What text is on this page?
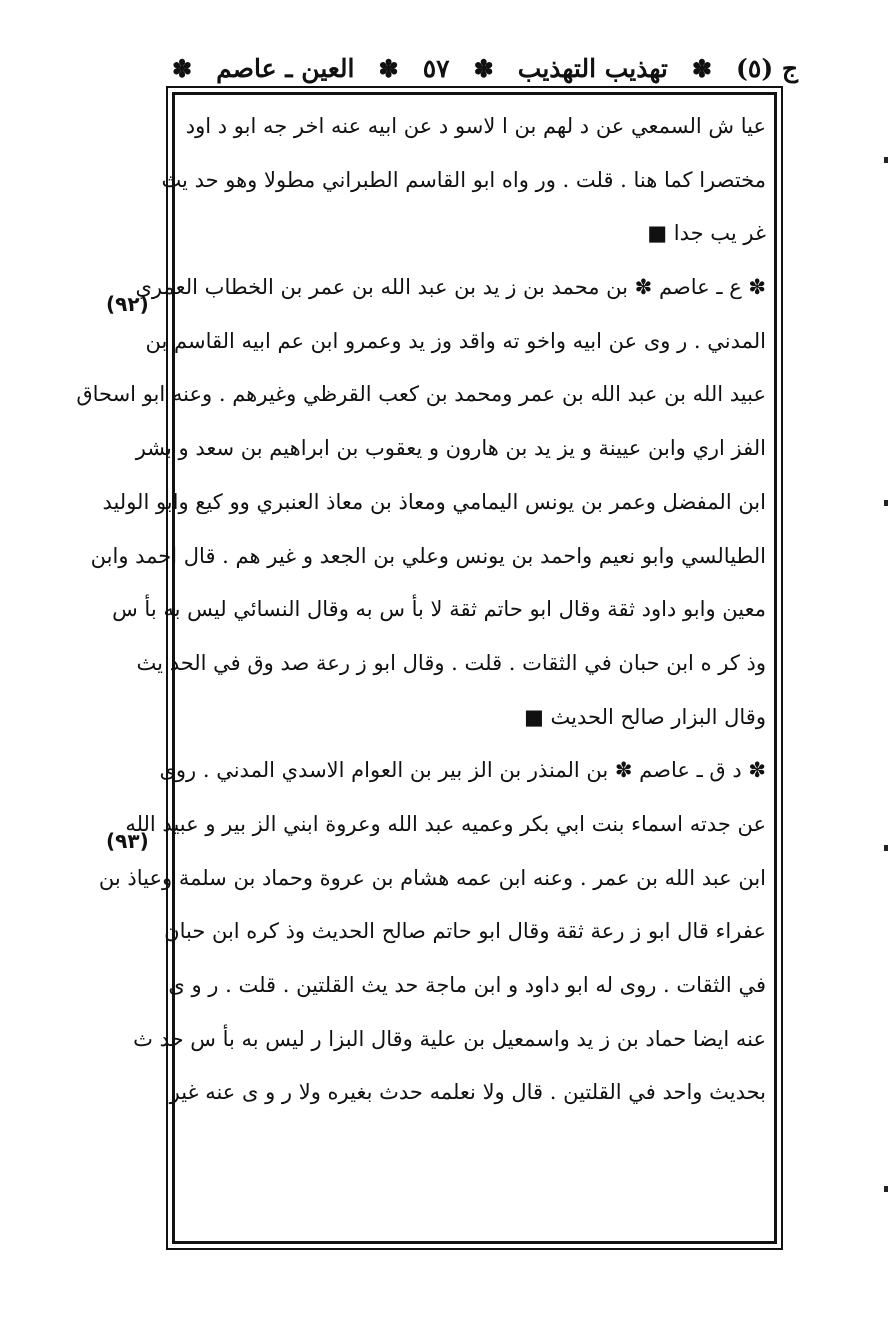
ج (٥)
✽
تهذيب التهذيب
✽
٥٧
✽
العين ـ عاصم
✽
(٩٢)
(٩٣)
عيا ش السمعي عن د لهم بن ا لاسو د عن ابيه عنه اخر جه ابو د اود
مختصرا كما هنا . قلت . ور واه ابو القاسم الطبراني مطولا وهو حد يث
غر يب جدا ■
✽ ع ـ عاصم ✽ بن محمد بن ز يد بن عبد الله بن عمر بن الخطاب العمري
المدني . ر وى عن ابيه واخو ته واقد وز يد وعمرو ابن عم ابيه القاسم بن
عبيد الله بن عبد الله بن عمر ومحمد بن كعب القرظي وغيرهم . وعنه ابو اسحاق
الفز اري وابن عيينة و يز يد بن هارون و يعقوب بن ابراهيم بن سعد و بشر
ابن المفضل وعمر بن يونس اليمامي ومعاذ بن معاذ العنبري وو كيع وابو الوليد
الطيالسي وابو نعيم واحمد بن يونس وعلي بن الجعد و غير هم . قال احمد وابن
معين وابو داود ثقة وقال ابو حاتم ثقة لا بأ س به وقال النسائي ليس به بأ س
وذ كر ه ابن حبان في الثقات . قلت . وقال ابو ز رعة صد وق في الحد يث
وقال البزار صالح الحديث ■
✽ د ق ـ عاصم ✽ بن المنذر بن الز بير بن العوام الاسدي المدني . روى
عن جدته اسماء بنت ابي بكر وعميه عبد الله وعروة ابني الز بير و عبيد الله
ابن عبد الله بن عمر . وعنه ابن عمه هشام بن عروة وحماد بن سلمة وعياذ بن
عفراء قال ابو ز رعة ثقة وقال ابو حاتم صالح الحديث وذ كره ابن حبان
في الثقات . روى له ابو داود و ابن ماجة حد يث القلتين . قلت . ر و ى
عنه ايضا حماد بن ز يد واسمعيل بن علية وقال البزا ر ليس به بأ س حد ث
بحديث واحد في القلتين . قال ولا نعلمه حدث بغيره ولا ر و ى عنه غير
